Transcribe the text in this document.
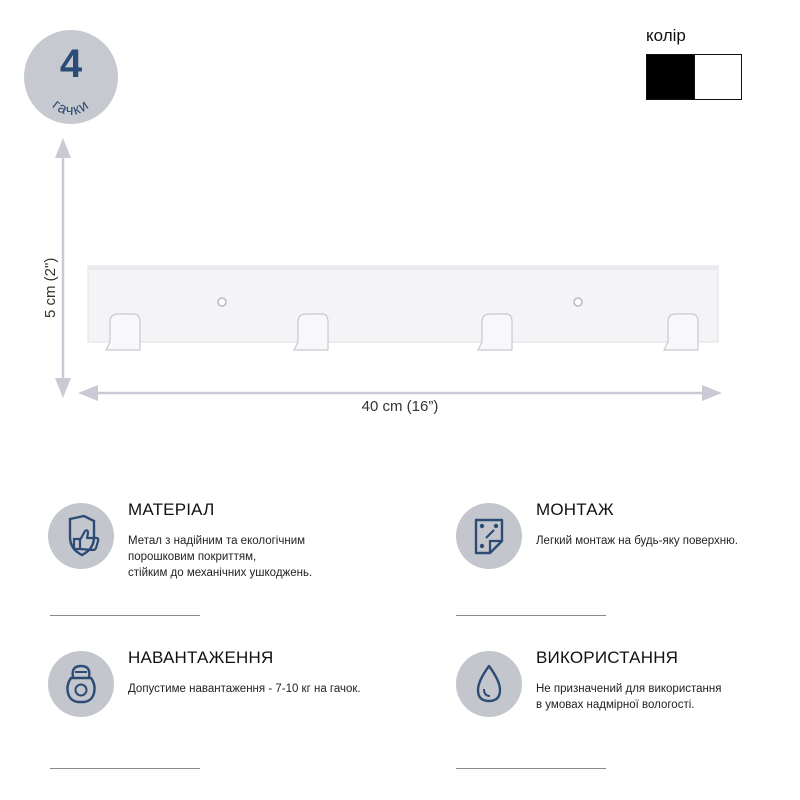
4
гачки
колір
40 cm (16”)
5 cm (2")
МАТЕРІАЛ
Метал з надійним та екологічним
порошковим покриттям,
стійким до механічних ушкоджень.
МОНТАЖ
Легкий монтаж на будь-яку поверхню.
НАВАНТАЖЕННЯ
Допустиме навантаження - 7-10 кг на гачок.
ВИКОРИСТАННЯ
Не призначений для використання
в умовах надмірної вологості.
